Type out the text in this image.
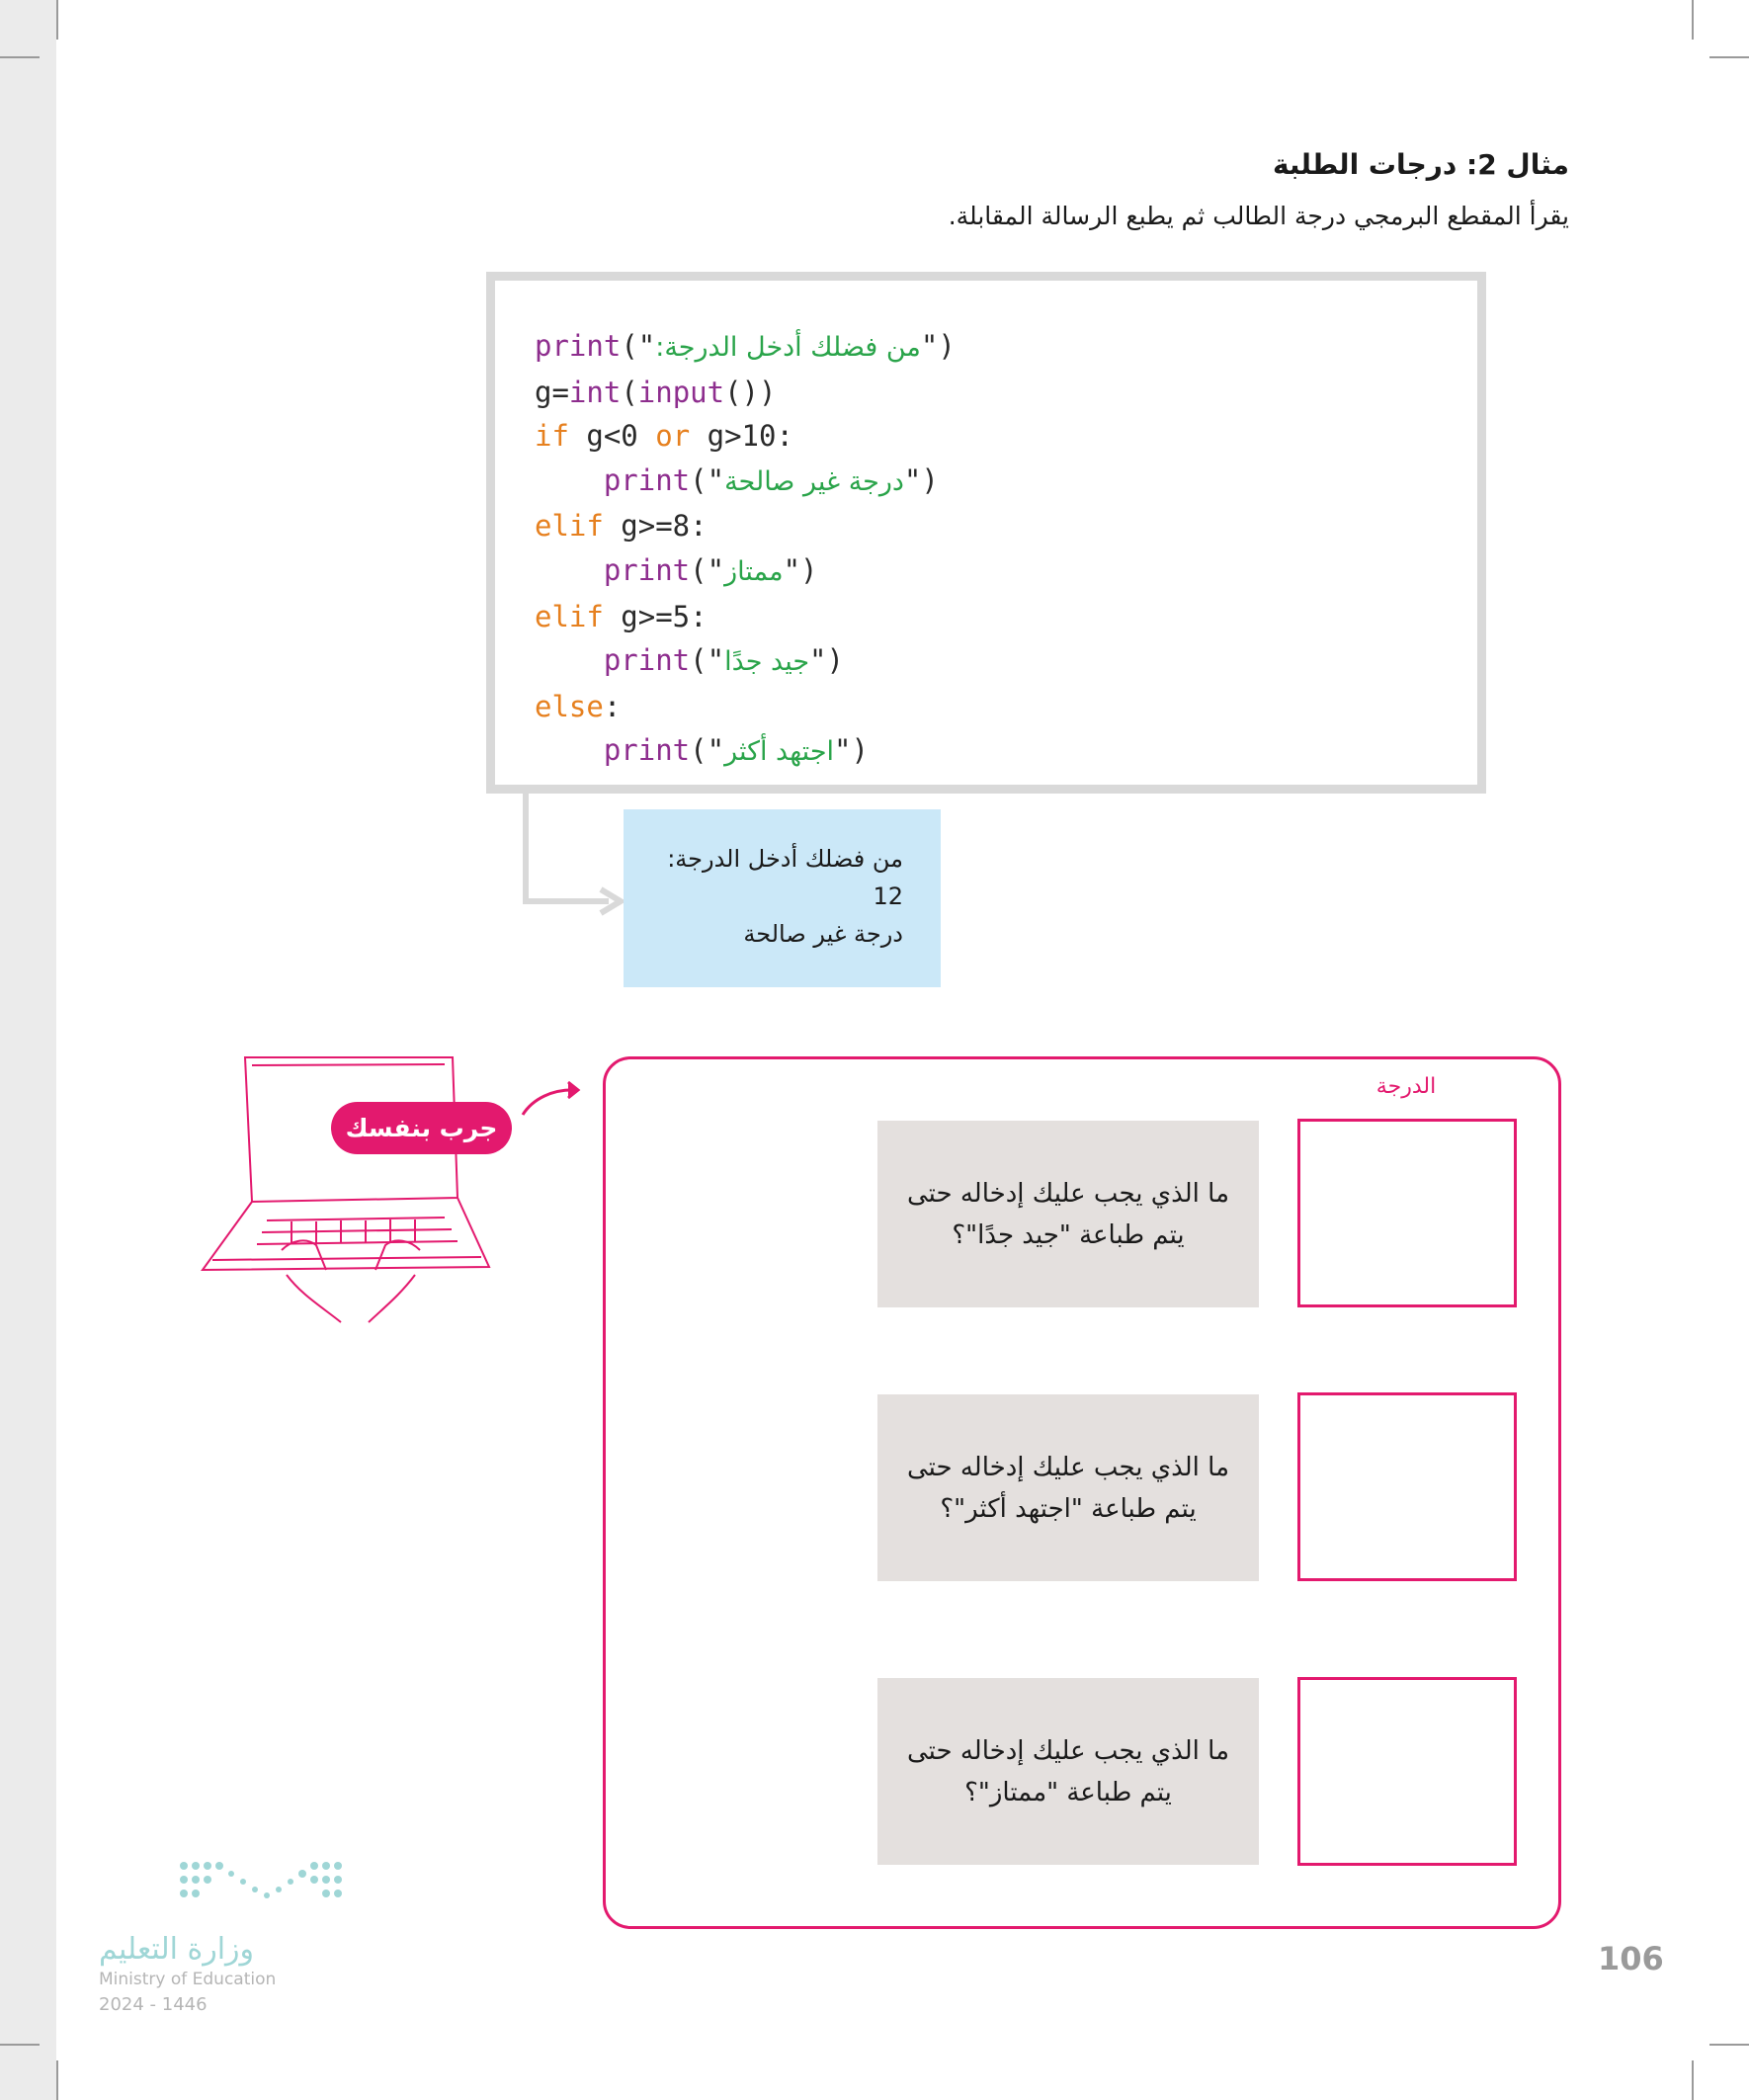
مثال 2: درجات الطلبة
يقرأ المقطع البرمجي درجة الطالب ثم يطبع الرسالة المقابلة.
print("من فضلك أدخل الدرجة:")
g=int(input())
if g<0 or g>10:
print("درجة غير صالحة")
elif g>=8:
print("ممتاز")
elif g>=5:
print("جيد جدًا")
else:
print("اجتهد أكثر")
من فضلك أدخل الدرجة:
12
درجة غير صالحة
جرب بنفسك
الدرجة
ما الذي يجب عليك إدخاله حتى
يتم طباعة "جيد جدًا"؟
ما الذي يجب عليك إدخاله حتى
يتم طباعة "اجتهد أكثر"؟
ما الذي يجب عليك إدخاله حتى
يتم طباعة "ممتاز"؟
106
وزارة التعليم
Ministry of Education
2024 - 1446
